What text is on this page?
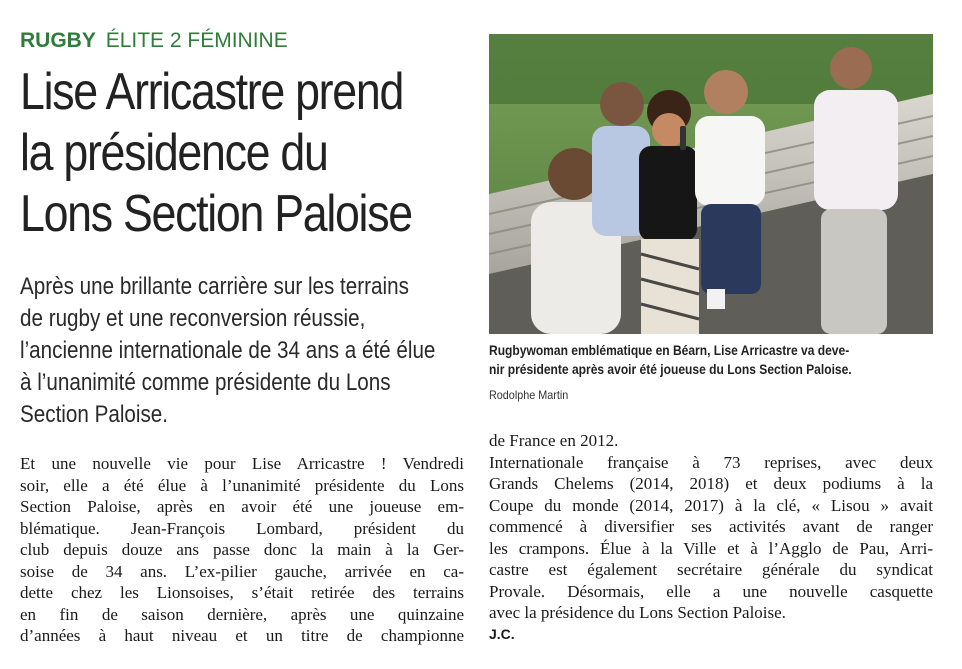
RUGBY ÉLITE 2 FÉMININE
Lise Arricastre prend
la présidence du
Lons Section Paloise
Après une brillante carrière sur les terrains
de rugby et une reconversion réussie,
l’ancienne internationale de 34 ans a été élue
à l’unanimité comme présidente du Lons
Section Paloise.
Rugbywoman emblématique en Béarn, Lise Arricastre va deve-
nir présidente après avoir été joueuse du Lons Section Paloise.
Rodolphe Martin
Et une nouvelle vie pour Lise Arricastre ! Vendredi
soir, elle a été élue à l’unanimité présidente du Lons
Section Paloise, après en avoir été une joueuse em-
blématique. Jean-François Lombard, président du
club depuis douze ans passe donc la main à la Ger-
soise de 34 ans. L’ex-pilier gauche, arrivée en ca-
dette chez les Lionsoises, s’était retirée des terrains
en fin de saison dernière, après une quinzaine
d’années à haut niveau et un titre de championne
de France en 2012.
Internationale française à 73 reprises, avec deux
Grands Chelems (2014, 2018) et deux podiums à la
Coupe du monde (2014, 2017) à la clé, « Lisou » avait
commencé à diversifier ses activités avant de ranger
les crampons. Élue à la Ville et à l’Agglo de Pau, Arri-
castre est également secrétaire générale du syndicat
Provale. Désormais, elle a une nouvelle casquette
avec la présidence du Lons Section Paloise.
J.C.
